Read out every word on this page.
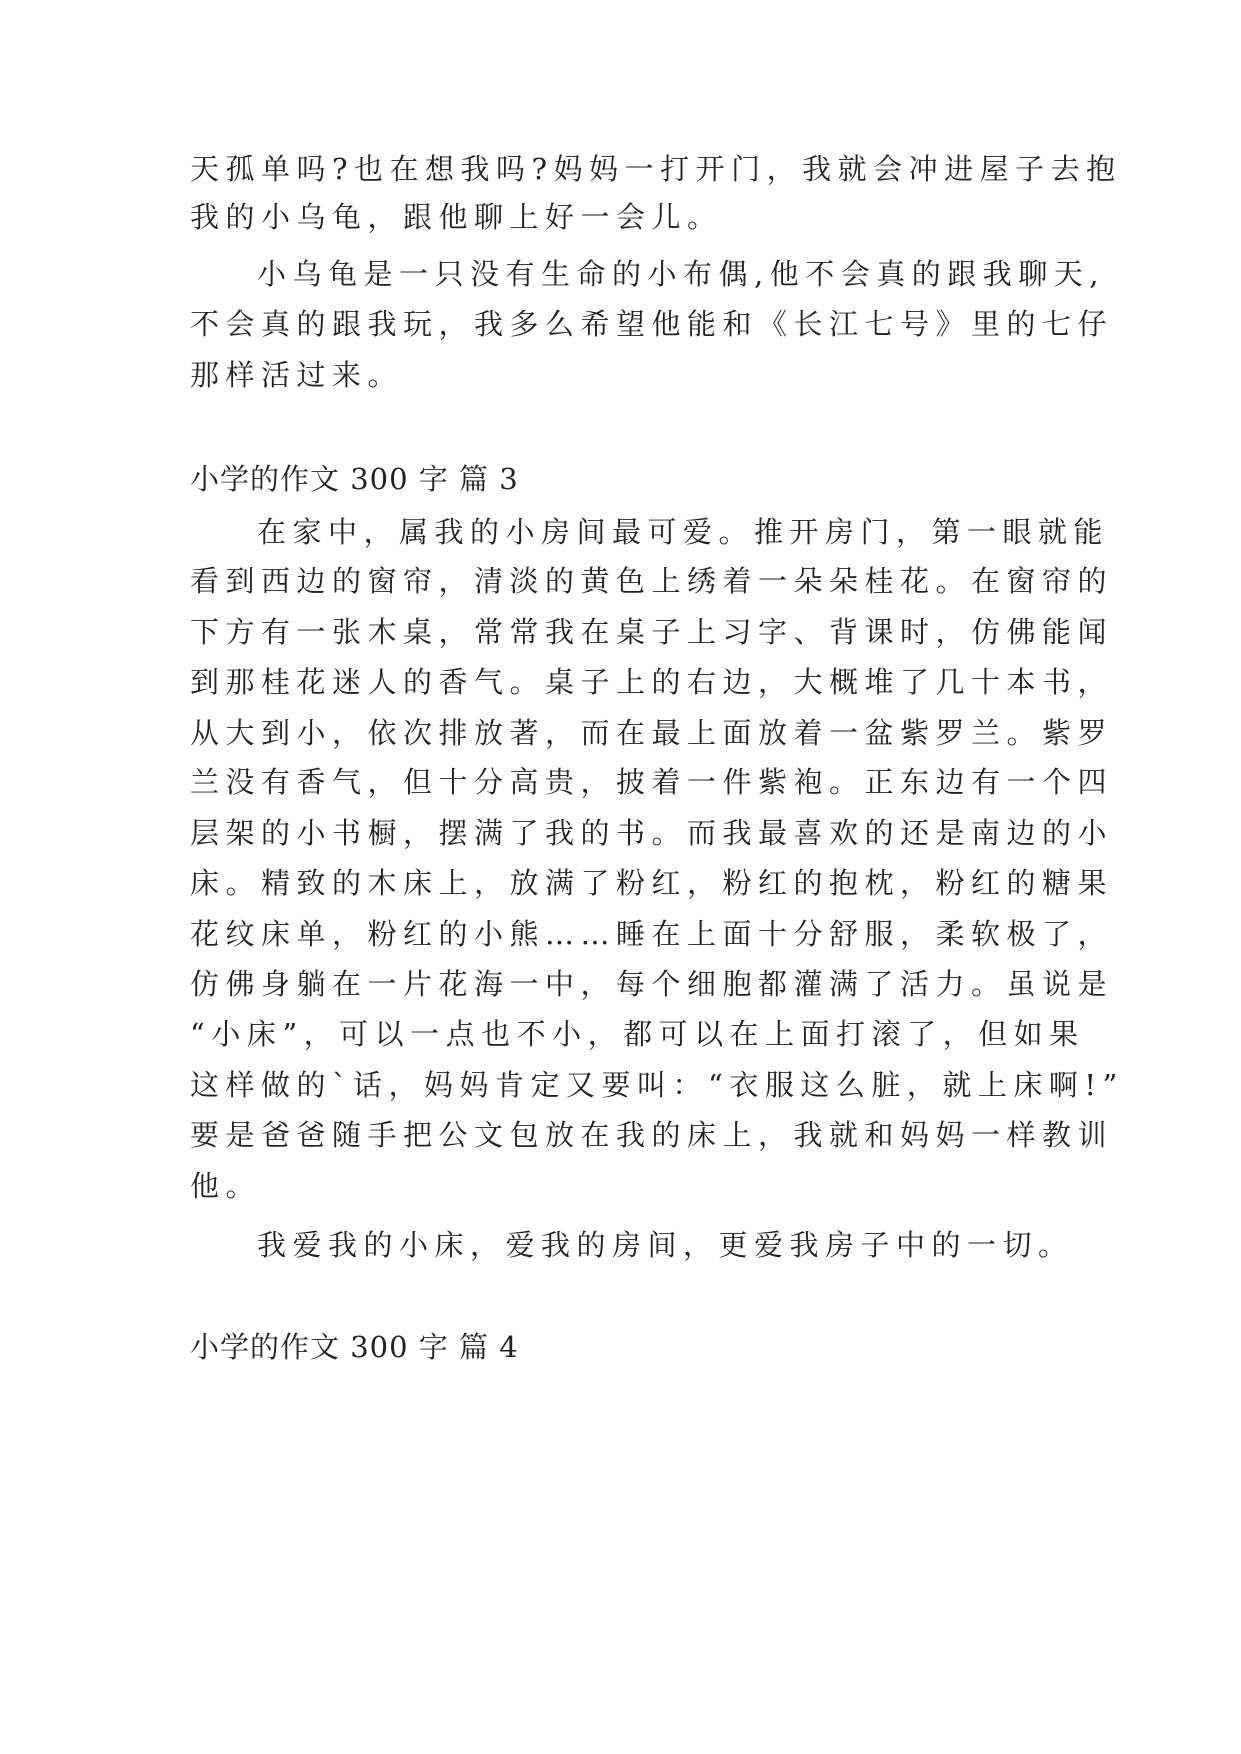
天孤单吗?也在想我吗?妈妈一打开门，我就会冲进屋子去抱
我的小乌龟，跟他聊上好一会儿。
小乌龟是一只没有生命的小布偶,他不会真的跟我聊天,
不会真的跟我玩，我多么希望他能和《长江七号》里的七仔
那样活过来。
小学的作文 300 字 篇 3
在家中，属我的小房间最可爱。推开房门，第一眼就能
看到西边的窗帘，清淡的黄色上绣着一朵朵桂花。在窗帘的
下方有一张木桌，常常我在桌子上习字、背课时，仿佛能闻
到那桂花迷人的香气。桌子上的右边，大概堆了几十本书，
从大到小，依次排放著，而在最上面放着一盆紫罗兰。紫罗
兰没有香气，但十分高贵，披着一件紫袍。正东边有一个四
层架的小书橱，摆满了我的书。而我最喜欢的还是南边的小
床。精致的木床上，放满了粉红，粉红的抱枕，粉红的糖果
花纹床单，粉红的小熊……睡在上面十分舒服，柔软极了，
仿佛身躺在一片花海一中，每个细胞都灌满了活力。虽说是
“小床”，可以一点也不小，都可以在上面打滚了，但如果
这样做的`话，妈妈肯定又要叫：“衣服这么脏，就上床啊!”
要是爸爸随手把公文包放在我的床上，我就和妈妈一样教训
他。
我爱我的小床，爱我的房间，更爱我房子中的一切。
小学的作文 300 字 篇 4
